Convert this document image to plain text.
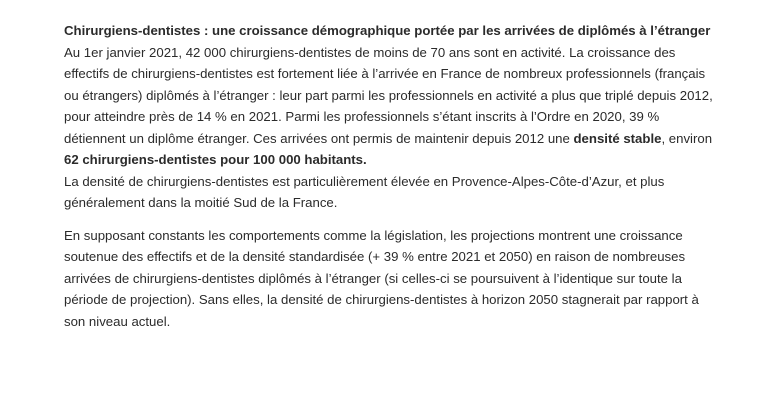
Chirurgiens-dentistes : une croissance démographique portée par les arrivées de diplômés à l’étranger

Au 1er janvier 2021, 42 000 chirurgiens-dentistes de moins de 70 ans sont en activité. La croissance des effectifs de chirurgiens-dentistes est fortement liée à l’arrivée en France de nombreux professionnels (français ou étrangers) diplômés à l’étranger : leur part parmi les professionnels en activité a plus que triplé depuis 2012, pour atteindre près de 14 % en 2021. Parmi les professionnels s’étant inscrits à l’Ordre en 2020, 39 % détiennent un diplôme étranger. Ces arrivées ont permis de maintenir depuis 2012 une densité stable, environ 62 chirurgiens-dentistes pour 100 000 habitants.

La densité de chirurgiens-dentistes est particulièrement élevée en Provence-Alpes-Côte-d’Azur, et plus généralement dans la moitié Sud de la France.

En supposant constants les comportements comme la législation, les projections montrent une croissance soutenue des effectifs et de la densité standardisée (+ 39 % entre 2021 et 2050) en raison de nombreuses arrivées de chirurgiens-dentistes diplômés à l’étranger (si celles-ci se poursuivent à l’identique sur toute la période de projection). Sans elles, la densité de chirurgiens-dentistes à horizon 2050 stagnerait par rapport à son niveau actuel.
